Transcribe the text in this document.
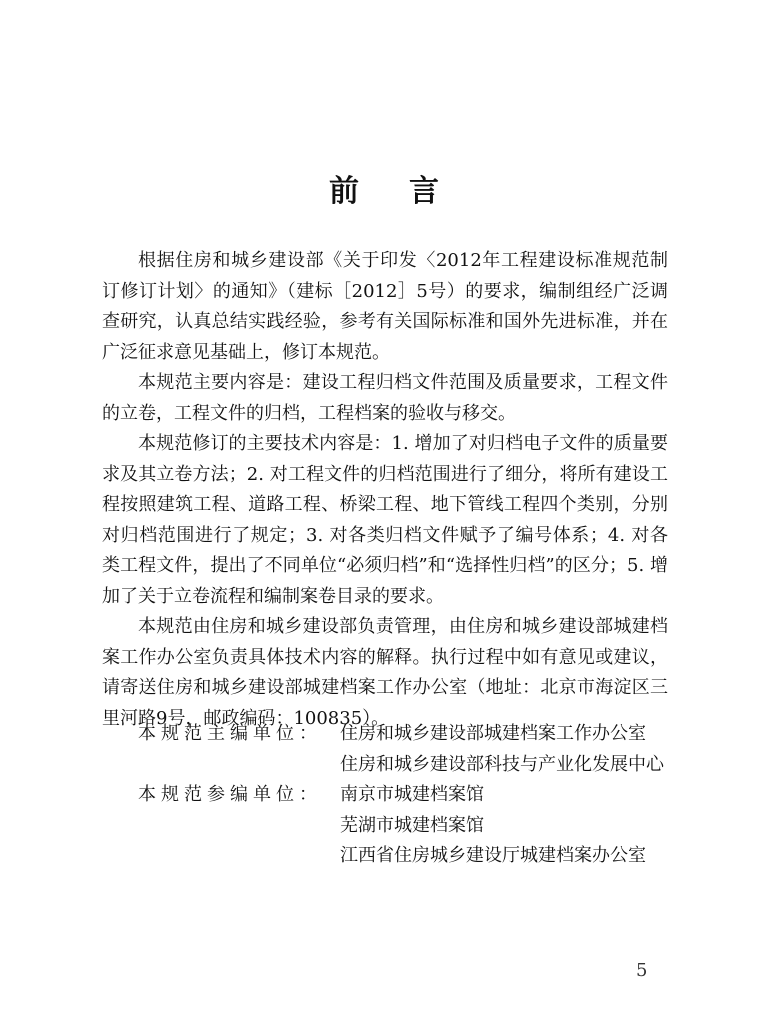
前言

根据住房和城乡建设部《关于印发〈2012年工程建设标准规范制订修订计划〉的通知》（建标［2012］5号）的要求，编制组经广泛调查研究，认真总结实践经验，参考有关国际标准和国外先进标准，并在广泛征求意见基础上，修订本规范。

本规范主要内容是：建设工程归档文件范围及质量要求，工程文件的立卷，工程文件的归档，工程档案的验收与移交。

本规范修订的主要技术内容是：1. 增加了对归档电子文件的质量要求及其立卷方法；2. 对工程文件的归档范围进行了细分，将所有建设工程按照建筑工程、道路工程、桥梁工程、地下管线工程四个类别，分别对归档范围进行了规定；3. 对各类归档文件赋予了编号体系；4. 对各类工程文件，提出了不同单位“必须归档”和“选择性归档”的区分；5. 增加了关于立卷流程和编制案卷目录的要求。

本规范由住房和城乡建设部负责管理，由住房和城乡建设部城建档案工作办公室负责具体技术内容的解释。执行过程中如有意见或建议，请寄送住房和城乡建设部城建档案工作办公室（地址：北京市海淀区三里河路9号，邮政编码：100835）。

本规范主编单位：	住房和城乡建设部城建档案工作办公室
住房和城乡建设部科技与产业化发展中心
本规范参编单位：	南京市城建档案馆
芜湖市城建档案馆
江西省住房城乡建设厅城建档案办公室
5
